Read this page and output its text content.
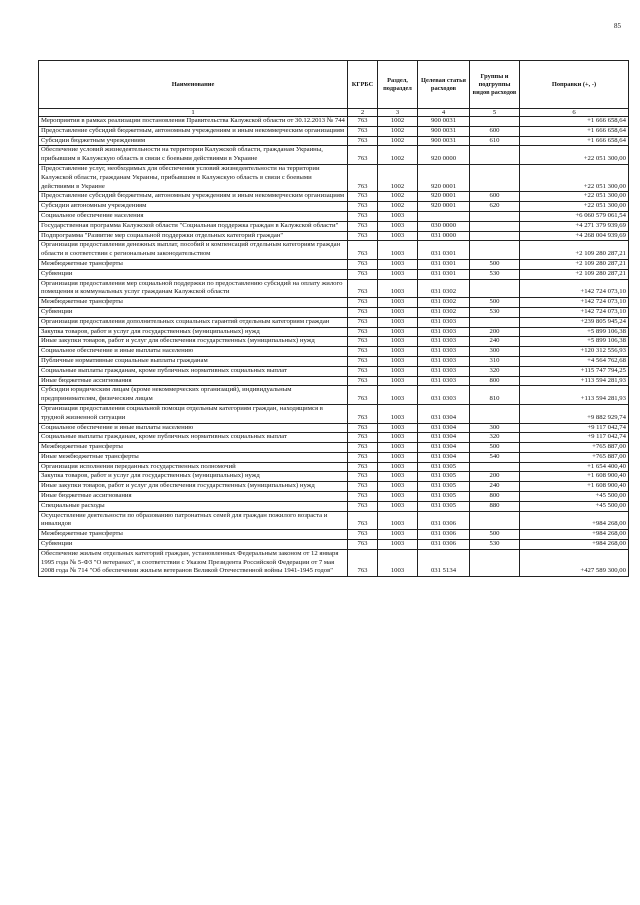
85
Наименование	КГРБС	Раздел, подраздел	Целевая статья расходов	Группы и подгруппы видов расходов	Поправки (+, -)
1	2	3	4	5	6
Мероприятия в рамках реализации постановления Правительства Калужской области от 30.12.2013 № 744	763	1002	900 0031		+1 666 658,64
Предоставление субсидий бюджетным, автономным учреждениям и иным некоммерческим организациям	763	1002	900 0031	600	+1 666 658,64
Субсидии бюджетным учреждениям	763	1002	900 0031	610	+1 666 658,64
Обеспечение условий жизнедеятельности на территории Калужской области, гражданам Украины, прибывшим в Калужскую область в связи с боевыми действиями в Украине	763	1002	920 0000		+22 051 300,00
Предоставление услуг, необходимых для обеспечения условий жизнедеятельности на территории Калужской области, гражданам Украины, прибывшим в Калужскую область в связи с боевыми действиями в Украине	763	1002	920 0001		+22 051 300,00
Предоставление субсидий бюджетным, автономным учреждениям и иным некоммерческим организациям	763	1002	920 0001	600	+22 051 300,00
Субсидии автономным учреждениям	763	1002	920 0001	620	+22 051 300,00
Социальное обеспечение населения	763	1003			+6 060 579 061,54
Государственная программа Калужской области "Социальная поддержка граждан в Калужской области"	763	1003	030 0000		+4 271 379 939,69
Подпрограмма "Развитие мер социальной поддержки отдельных категорий граждан"	763	1003	031 0000		+4 268 004 939,69
Организация предоставления денежных выплат, пособий и компенсаций отдельным категориям граждан области в соответствии с региональным законодательством	763	1003	031 0301		+2 109 280 287,21
Межбюджетные трансферты	763	1003	031 0301	500	+2 109 280 287,21
Субвенции	763	1003	031 0301	530	+2 109 280 287,21
Организация предоставления мер социальной поддержки по предоставлению субсидий на оплату жилого помещения и коммунальных услуг гражданам Калужской области	763	1003	031 0302		+142 724 073,10
Межбюджетные трансферты	763	1003	031 0302	500	+142 724 073,10
Субвенции	763	1003	031 0302	530	+142 724 073,10
Организация предоставления дополнительных социальных гарантий отдельным категориям граждан	763	1003	031 0303		+239 805 945,24
Закупка товаров, работ и услуг для государственных (муниципальных) нужд	763	1003	031 0303	200	+5 899 106,38
Иные закупки товаров, работ и услуг для обеспечения государственных (муниципальных) нужд	763	1003	031 0303	240	+5 899 106,38
Социальное обеспечение и иные выплаты населению	763	1003	031 0303	300	+120 312 556,93
Публичные нормативные социальные выплаты гражданам	763	1003	031 0303	310	+4 564 762,68
Социальные выплаты гражданам, кроме публичных нормативных социальных выплат	763	1003	031 0303	320	+115 747 794,25
Иные бюджетные ассигнования	763	1003	031 0303	800	+113 594 281,93
Субсидии юридическим лицам (кроме некоммерческих организаций), индивидуальным предпринимателям, физическим лицам	763	1003	031 0303	810	+113 594 281,93
Организация предоставления социальной помощи отдельным категориям граждан, находящимся в трудной жизненной ситуации	763	1003	031 0304		+9 882 929,74
Социальное обеспечение и иные выплаты населению	763	1003	031 0304	300	+9 117 042,74
Социальные выплаты гражданам, кроме публичных нормативных социальных выплат	763	1003	031 0304	320	+9 117 042,74
Межбюджетные трансферты	763	1003	031 0304	500	+765 887,00
Иные межбюджетные трансферты	763	1003	031 0304	540	+765 887,00
Организация исполнения переданных государственных полномочий	763	1003	031 0305		+1 654 400,40
Закупка товаров, работ и услуг для государственных (муниципальных) нужд	763	1003	031 0305	200	+1 608 900,40
Иные закупки товаров, работ и услуг для обеспечения государственных (муниципальных) нужд	763	1003	031 0305	240	+1 608 900,40
Иные бюджетные ассигнования	763	1003	031 0305	800	+45 500,00
Специальные расходы	763	1003	031 0305	880	+45 500,00
Осуществление деятельности по образованию патронатных семей для граждан пожилого возраста и инвалидов	763	1003	031 0306		+984 268,00
Межбюджетные трансферты	763	1003	031 0306	500	+984 268,00
Субвенции	763	1003	031 0306	530	+984 268,00
Обеспечение жильем отдельных категорий граждан, установленных Федеральным законом от 12 января 1995 года № 5-ФЗ "О ветеранах", в соответствии с Указом Президента Российской Федерации от 7 мая 2008 года № 714 "Об обеспечении жильем ветеранов Великой Отечественной войны 1941-1945 годов"	763	1003	031 5134		+427 589 300,00
